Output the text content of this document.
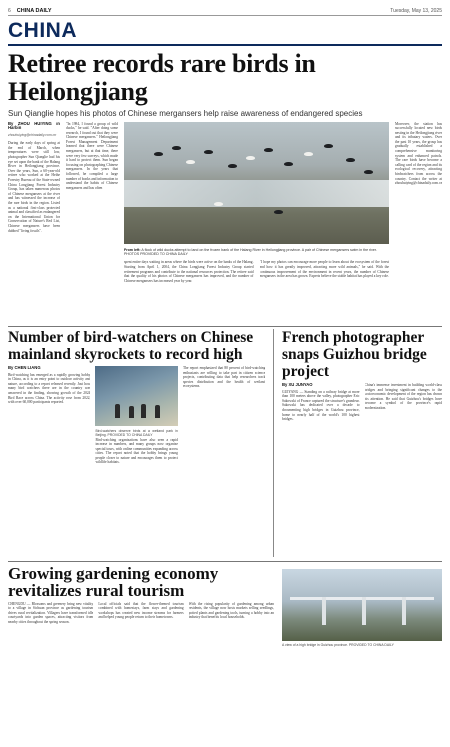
6 CHINA DAILY	Tuesday, May 13, 2025
CHINA
Retiree records rare birds in Heilongjiang
Sun Qianglie hopes his photos of Chinese mergansers help raise awareness of endangered species
By ZHOU HUIYING in Harbin
zhouhuiying@chinadaily.com.cn
During the early days of spring at the end of March, when temperatures were still low, photographer Sun Qianglie had his eye set upon the bank of the Halang River in Heilongjiang province. Over the years, Sun, a 60-year-old retiree who worked at the Heihe Forestry Bureau of the State-owned China Longjiang Forest Industry Group, has taken numerous photos of Chinese mergansers at the river and has witnessed the increase of the rare birds in the region. Listed as a national first-class protected animal and classified as endangered on the International Union for Conservation of Nature's Red List, Chinese mergansers have been dubbed "living fossils".
"In 1984, I found a group of wild ducks," he said. "After doing some research, I found out that they were Chinese mergansers." Heilongjiang Forest Management Department learned that there were Chinese mergansers, but at that time, there were very few surveys, which made it hard to protect them. Sun began focusing on photographing Chinese mergansers. In the years that followed, he compiled a large number of books and information to understand the habits of Chinese mergansers and has often
From left: A flock of wild ducks attempt to land on the frozen bank of the Halang River in Heilongjiang province. A pair of Chinese mergansers swim in the river. PHOTOS PROVIDED TO CHINA DAILY
spent entire days waiting in areas where the birds were active on the banks of the Halang. Starting from April 1, 2004, the China Longjiang Forest Industry Group started retirement programs and contribute to the national resources protection. The retiree said that the quality of his photos of Chinese mergansers has improved, and the number of Chinese mergansers has increased year by year.
"I hope my photos can encourage more people to learn about the ecosystem of the forest and how it has greatly improved, attracting more wild animals," he said. With the continuous improvement of the environment in recent years, the number of Chinese mergansers in the area has grown. Experts believe the stable habitat has played a key role.
Moreover, the station has successfully located new birds nesting in the Heilongjiang river and its tributary waters. Over the past 10 years, the group has gradually established a comprehensive monitoring system and enhanced patrols. The rare birds have become a calling card of the region and its ecological recovery, attracting birdwatchers from across the country. Contact the writer at zhouhuiying@chinadaily.com.cn
Number of bird-watchers on Chinese mainland skyrockets to record high
By CHEN LIANG
Bird-watching has emerged as a rapidly growing hobby in China, as it is an entry point to outdoor activity and nature, according to a report released recently. Just how many bird watchers there are in the country was answered in the finding, showing growth of the 2024 Bird Race across China. The activity rose from 2022, with over 60,000 participants reported.
Bird-watchers observe birds at a wetland park in Beijing. PROVIDED TO CHINA DAILY
Bird-watching organizations have also seen a rapid increase in numbers, and many groups now organize special tours, with online communities expanding across cities. The report noted that the hobby brings young people closer to nature and encourages them to protect wildlife habitats.
The report emphasized that 80 percent of bird-watching enthusiasts are willing to take part in citizen science projects, contributing data that help researchers track species distribution and the health of wetland ecosystems.
French photographer snaps Guizhou bridge project
By XU JUNYAO
GUIYANG — Standing on a railway bridge at more than 100 meters above the valley, photographer Eric Sakowski of France captured the structure's grandeur. Sakowski has dedicated over a decade to documenting high bridges in Guizhou province, home to nearly half of the world's 100 highest bridges.
China's immense investment in building world-class bridges and bringing significant changes to the socioeconomic development of the region has drawn his attention. He said that Guizhou's bridges have become a symbol of the province's rapid modernization.
Growing gardening economy revitalizes rural tourism
CHENGDU — Blossoms and greenery bring new vitality to a village in Sichuan province as gardening tourism drives rural revitalization. Villagers have transformed idle courtyards into garden spaces, attracting visitors from nearby cities throughout the spring season.
Local officials said that the flower-themed tourism combined with homestays, farm stays and gardening workshops has created new income streams for farmers and helped young people return to their hometowns.
With the rising popularity of gardening among urban residents, the village now hosts markets selling seedlings, potted plants and gardening tools, turning a hobby into an industry that benefits local households.
A view of a high bridge in Guizhou province. PROVIDED TO CHINA DAILY
